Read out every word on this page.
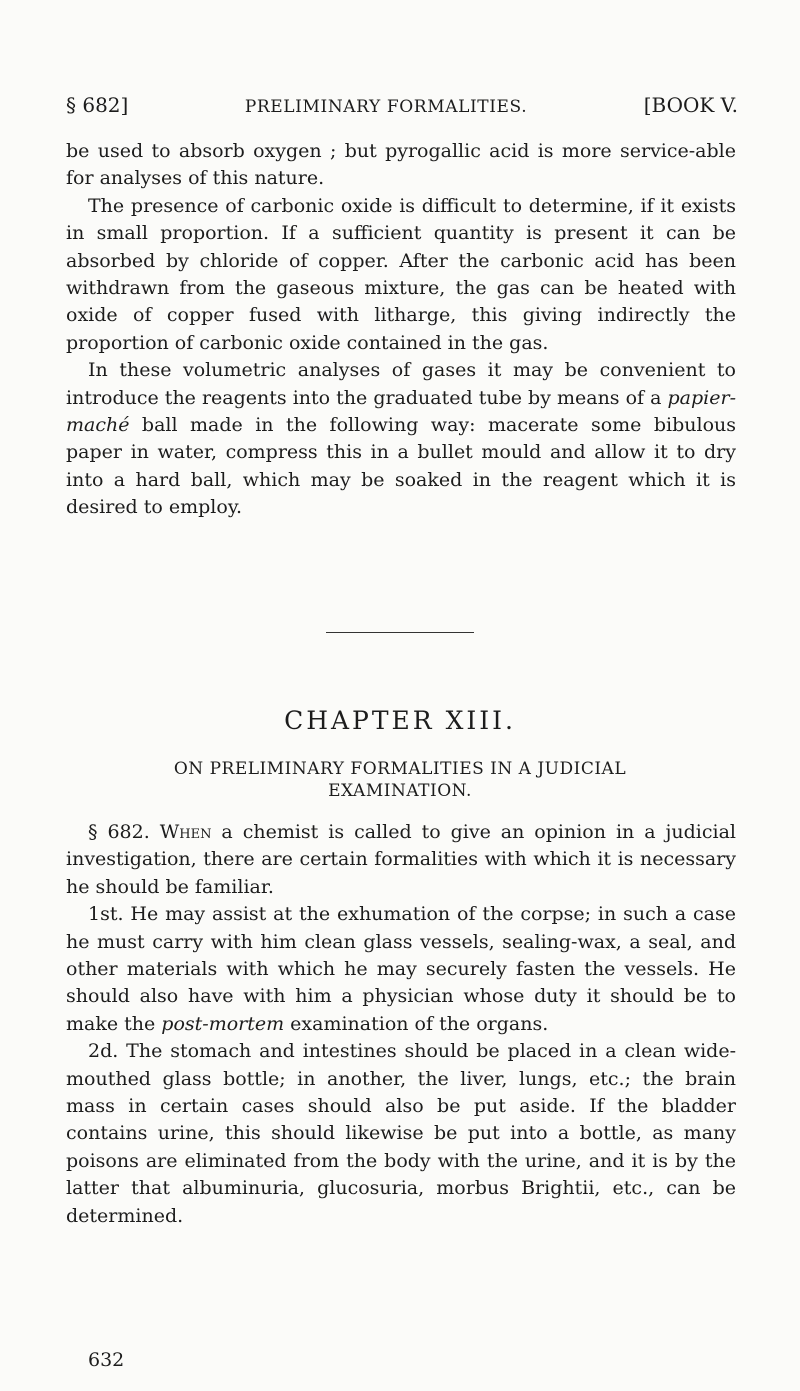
§ 682]	PRELIMINARY FORMALITIES.	[BOOK V.

be used to absorb oxygen ; but pyrogallic acid is more service-able for analyses of this nature.

The presence of carbonic oxide is difficult to determine, if it exists in small proportion. If a sufficient quantity is present it can be absorbed by chloride of copper. After the carbonic acid has been withdrawn from the gaseous mixture, the gas can be heated with oxide of copper fused with litharge, this giving indirectly the proportion of carbonic oxide contained in the gas.

In these volumetric analyses of gases it may be convenient to introduce the reagents into the graduated tube by means of a papier-maché ball made in the following way: macerate some bibulous paper in water, compress this in a bullet mould and allow it to dry into a hard ball, which may be soaked in the reagent which it is desired to employ.

CHAPTER XIII.
ON PRELIMINARY FORMALITIES IN A JUDICIAL
EXAMINATION.

§ 682. When a chemist is called to give an opinion in a judicial investigation, there are certain formalities with which it is necessary he should be familiar.

1st. He may assist at the exhumation of the corpse; in such a case he must carry with him clean glass vessels, sealing-wax, a seal, and other materials with which he may securely fasten the vessels. He should also have with him a physician whose duty it should be to make the post-mortem examination of the organs.

2d. The stomach and intestines should be placed in a clean wide-mouthed glass bottle; in another, the liver, lungs, etc.; the brain mass in certain cases should also be put aside. If the bladder contains urine, this should likewise be put into a bottle, as many poisons are eliminated from the body with the urine, and it is by the latter that albuminuria, glucosuria, morbus Brightii, etc., can be determined.

632
